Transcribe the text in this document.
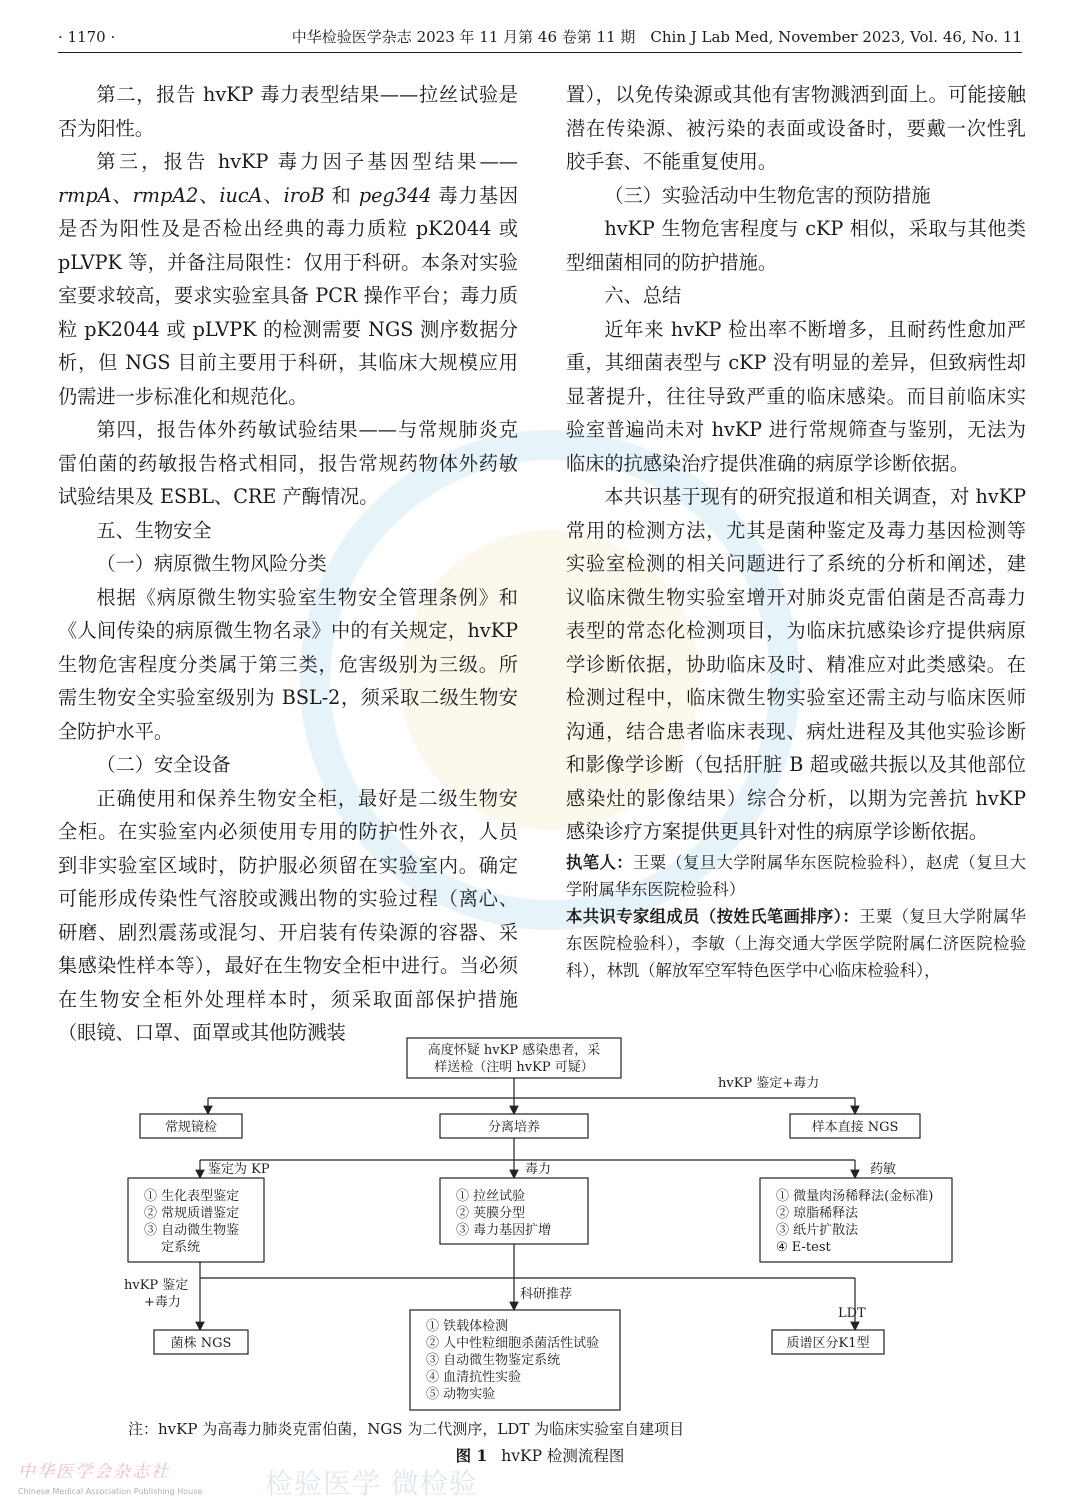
· 1170 ·	中华检验医学杂志 2023 年 11 月第 46 卷第 11 期　Chin J Lab Med, November 2023, Vol. 46, No. 11

第二，报告 hvKP 毒力表型结果——拉丝试验是否为阳性。

第三，报告 hvKP 毒力因子基因型结果——rmpA、rmpA2、iucA、iroB 和 peg344 毒力基因是否为阳性及是否检出经典的毒力质粒 pK2044 或 pLVPK 等，并备注局限性：仅用于科研。本条对实验室要求较高，要求实验室具备 PCR 操作平台；毒力质粒 pK2044 或 pLVPK 的检测需要 NGS 测序数据分析，但 NGS 目前主要用于科研，其临床大规模应用仍需进一步标准化和规范化。

第四，报告体外药敏试验结果——与常规肺炎克雷伯菌的药敏报告格式相同，报告常规药物体外药敏试验结果及 ESBL、CRE 产酶情况。

五、生物安全

（一）病原微生物风险分类

根据《病原微生物实验室生物安全管理条例》和《人间传染的病原微生物名录》中的有关规定，hvKP 生物危害程度分类属于第三类，危害级别为三级。所需生物安全实验室级别为 BSL-2，须采取二级生物安全防护水平。

（二）安全设备

正确使用和保养生物安全柜，最好是二级生物安全柜。在实验室内必须使用专用的防护性外衣，人员到非实验室区域时，防护服必须留在实验室内。确定可能形成传染性气溶胶或溅出物的实验过程（离心、研磨、剧烈震荡或混匀、开启装有传染源的容器、采集感染性样本等），最好在生物安全柜中进行。当必须在生物安全柜外处理样本时，须采取面部保护措施（眼镜、口罩、面罩或其他防溅装

置），以免传染源或其他有害物溅洒到面上。可能接触潜在传染源、被污染的表面或设备时，要戴一次性乳胶手套、不能重复使用。

（三）实验活动中生物危害的预防措施

hvKP 生物危害程度与 cKP 相似，采取与其他类型细菌相同的防护措施。

六、总结

近年来 hvKP 检出率不断增多，且耐药性愈加严重，其细菌表型与 cKP 没有明显的差异，但致病性却显著提升，往往导致严重的临床感染。而目前临床实验室普遍尚未对 hvKP 进行常规筛查与鉴别，无法为临床的抗感染治疗提供准确的病原学诊断依据。

本共识基于现有的研究报道和相关调查，对 hvKP 常用的检测方法，尤其是菌种鉴定及毒力基因检测等实验室检测的相关问题进行了系统的分析和阐述，建议临床微生物实验室增开对肺炎克雷伯菌是否高毒力表型的常态化检测项目，为临床抗感染诊疗提供病原学诊断依据，协助临床及时、精准应对此类感染。在检测过程中，临床微生物实验室还需主动与临床医师沟通，结合患者临床表现、病灶进程及其他实验诊断和影像学诊断（包括肝脏 B 超或磁共振以及其他部位感染灶的影像结果）综合分析，以期为完善抗 hvKP 感染诊疗方案提供更具针对性的病原学诊断依据。

执笔人：王粟（复旦大学附属华东医院检验科），赵虎（复旦大学附属华东医院检验科）

本共识专家组成员（按姓氏笔画排序）：王粟（复旦大学附属华东医院检验科），李敏（上海交通大学医学院附属仁济医院检验科），林凯（解放军空军特色医学中心临床检验科），

高度怀疑 hvKP 感染患者，采
样送检（注明 hvKP 可疑）
hvKP 鉴定+毒力
常规镜检	分离培养	样本直接 NGS
鉴定为 KP	毒力	药敏
① 生化表型鉴定
② 常规质谱鉴定
③ 自动微生物鉴
　 定系统
① 拉丝试验
② 荚膜分型
③ 毒力基因扩增
① 微量肉汤稀释法(金标准)
② 琼脂稀释法
③ 纸片扩散法
④ E-test
hvKP 鉴定
+毒力
科研推荐
LDT
菌株 NGS
① 铁载体检测
② 人中性粒细胞杀菌活性试验
③ 自动微生物鉴定系统
④ 血清抗性实验
⑤ 动物实验
质谱区分K1型
注：hvKP 为高毒力肺炎克雷伯菌，NGS 为二代测序，LDT 为临床实验室自建项目
图 1 hvKP 检测流程图
中华医学会杂志社
Chinese Medical Association Publishing House	检验医学 微检验
